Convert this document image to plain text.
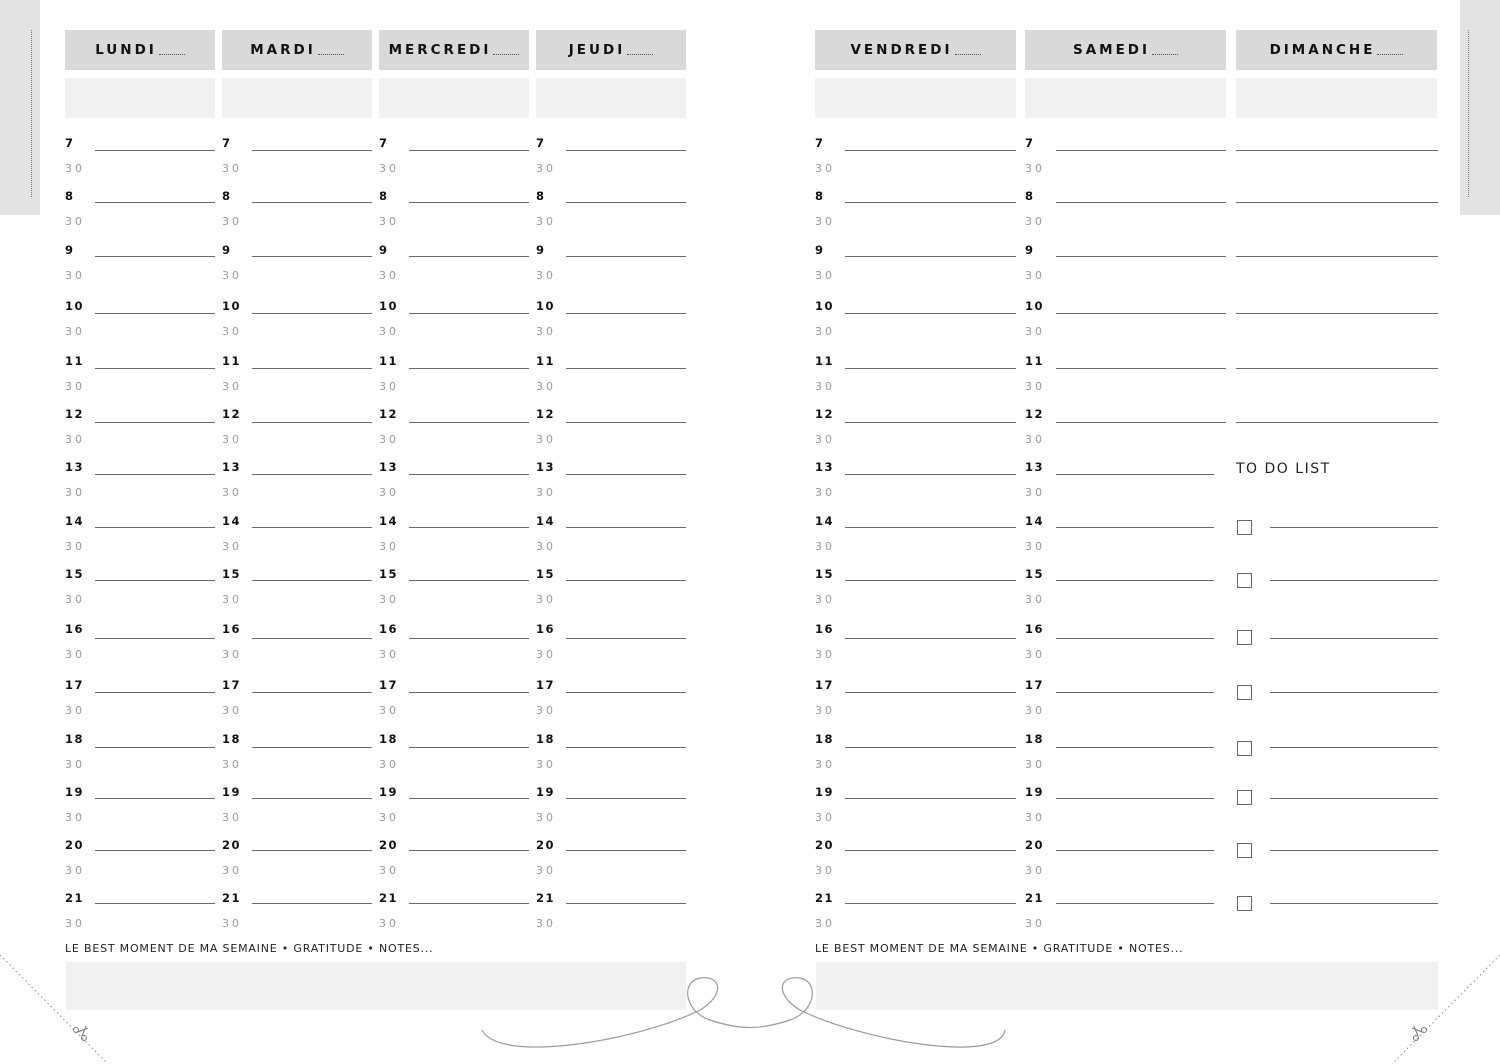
LE BEST MOMENT DE MA SEMAINE • GRATITUDE • NOTES...	LE BEST MOMENT DE MA SEMAINE • GRATITUDE • NOTES...
TO DO LIST
LUNDI
7
30
8
30
9
30
10
30
11
30
12
30
13
30
14
30
15
30
16
30
17
30
18
30
19
30
20
30
21
30
MARDI
7
30
8
30
9
30
10
30
11
30
12
30
13
30
14
30
15
30
16
30
17
30
18
30
19
30
20
30
21
30
MERCREDI
7
30
8
30
9
30
10
30
11
30
12
30
13
30
14
30
15
30
16
30
17
30
18
30
19
30
20
30
21
30
JEUDI
7
30
8
30
9
30
10
30
11
30
12
30
13
30
14
30
15
30
16
30
17
30
18
30
19
30
20
30
21
30
VENDREDI
7
30
8
30
9
30
10
30
11
30
12
30
13
30
14
30
15
30
16
30
17
30
18
30
19
30
20
30
21
30
SAMEDI
7
30
8
30
9
30
10
30
11
30
12
30
13
30
14
30
15
30
16
30
17
30
18
30
19
30
20
30
21
30
DIMANCHE
